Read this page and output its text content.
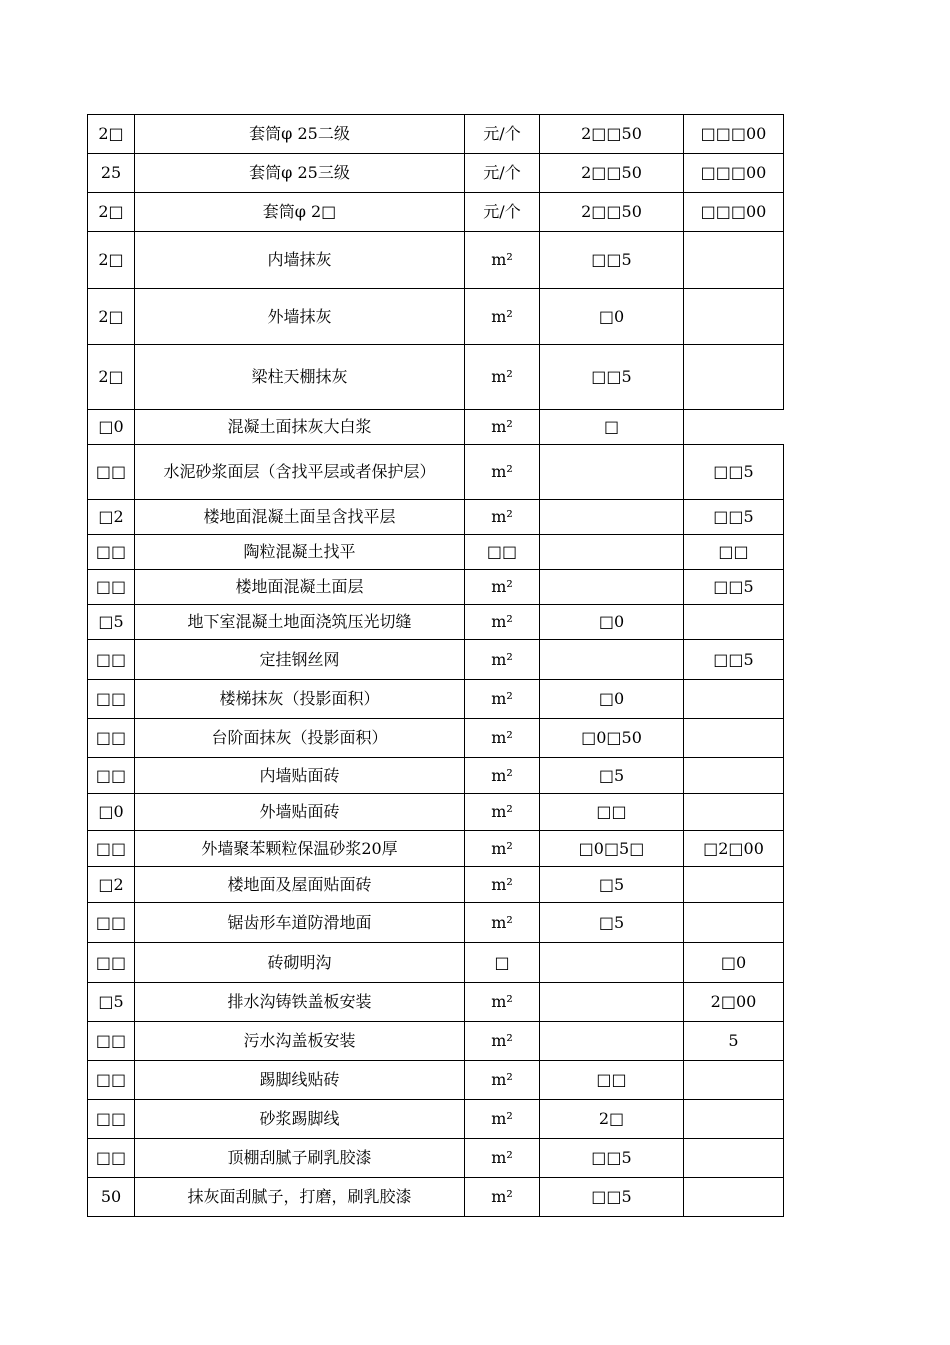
2□	套筒φ 25二级	元/个	2□□50	□□□00
25	套筒φ 25三级	元/个	2□□50	□□□00
2□	套筒φ 2□	元/个	2□□50	□□□00
2□	内墙抹灰	m²	□□5	
2□	外墙抹灰	m²	□0	
2□	梁柱天棚抹灰	m²	□□5	
□0	混凝土面抹灰大白浆	m²	□	
□□	水泥砂浆面层（含找平层或者保护层）	m²		□□5
□2	楼地面混凝土面呈含找平层	m²		□□5
□□	陶粒混凝土找平	□□		□□
□□	楼地面混凝土面层	m²		□□5
□5	地下室混凝土地面浇筑压光切缝	m²	□0	
□□	定挂钢丝网	m²		□□5
□□	楼梯抹灰（投影面积）	m²	□0	
□□	台阶面抹灰（投影面积）	m²	□0□50	
□□	内墙贴面砖	m²	□5	
□0	外墙贴面砖	m²	□□	
□□	外墙聚苯颗粒保温砂浆20厚	m²	□0□5□	□2□00
□2	楼地面及屋面贴面砖	m²	□5	
□□	锯齿形车道防滑地面	m²	□5	
□□	砖砌明沟	□		□0
□5	排水沟铸铁盖板安装	m²		2□00
□□	污水沟盖板安装	m²		5
□□	踢脚线贴砖	m²	□□	
□□	砂浆踢脚线	m²	2□	
□□	顶棚刮腻子刷乳胶漆	m²	□□5	
50	抹灰面刮腻子，打磨，刷乳胶漆	m²	□□5	
